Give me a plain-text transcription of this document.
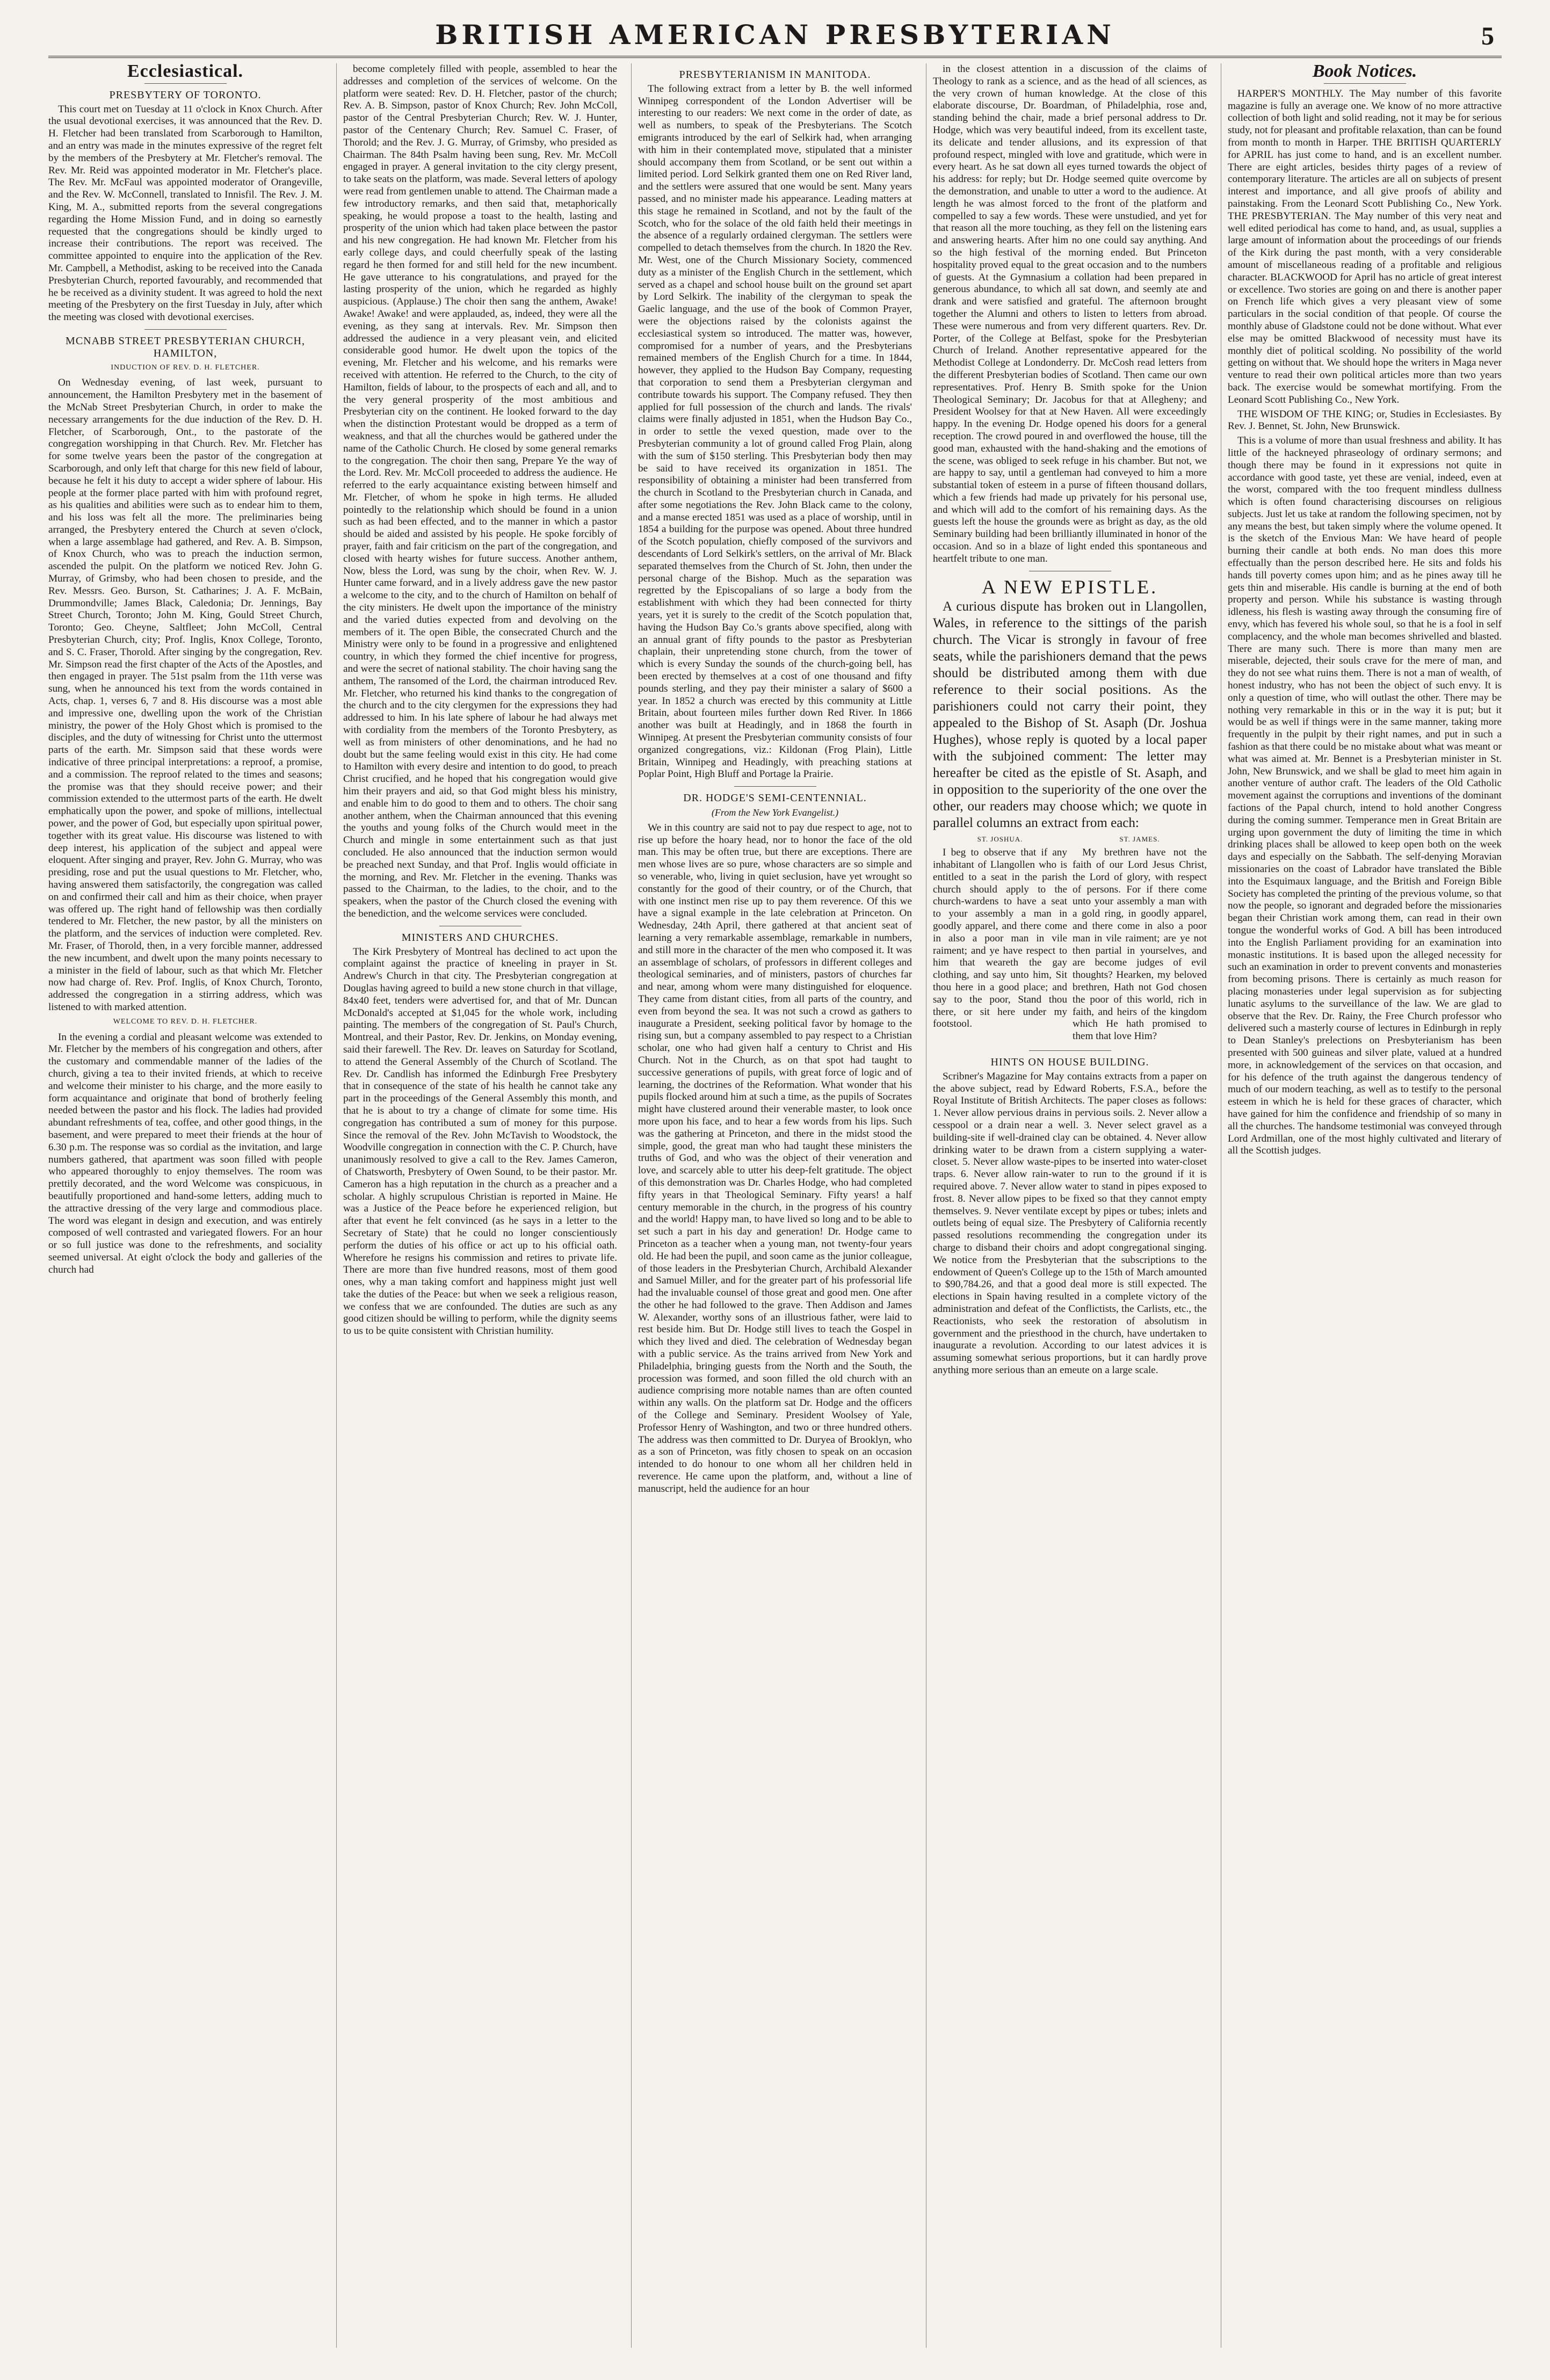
BRITISH AMERICAN PRESBYTERIAN	5
Ecclesiastical.
PRESBYTERY OF TORONTO.

This court met on Tuesday at 11 o'clock in Knox Church. After the usual devotional exercises, it was announced that the Rev. D. H. Fletcher had been translated from Scarborough to Hamilton, and an entry was made in the minutes expressive of the regret felt by the members of the Presbytery at Mr. Fletcher's removal. The Rev. Mr. Reid was appointed moderator in Mr. Fletcher's place. The Rev. Mr. McFaul was appointed moderator of Orangeville, and the Rev. W. McConnell, translated to Innisfil. The Rev. J. M. King, M. A., submitted reports from the several congregations regarding the Home Mission Fund, and in doing so earnestly requested that the congregations should be kindly urged to increase their contributions. The report was received. The committee appointed to enquire into the application of the Rev. Mr. Campbell, a Methodist, asking to be received into the Canada Presbyterian Church, reported favourably, and recommended that he be received as a divinity student. It was agreed to hold the next meeting of the Presbytery on the first Tuesday in July, after which the meeting was closed with devotional exercises.

MCNABB STREET PRESBYTERIAN CHURCH, HAMILTON,
INDUCTION OF REV. D. H. FLETCHER.

On Wednesday evening, of last week, pursuant to announcement, the Hamilton Presbytery met in the basement of the McNab Street Presbyterian Church, in order to make the necessary arrangements for the due induction of the Rev. D. H. Fletcher, of Scarborough, Ont., to the pastorate of the congregation worshipping in that Church. Rev. Mr. Fletcher has for some twelve years been the pastor of the congregation at Scarborough, and only left that charge for this new field of labour, because he felt it his duty to accept a wider sphere of labour. His people at the former place parted with him with profound regret, as his qualities and abilities were such as to endear him to them, and his loss was felt all the more. The preliminaries being arranged, the Presbytery entered the Church at seven o'clock, when a large assemblage had gathered, and Rev. A. B. Simpson, of Knox Church, who was to preach the induction sermon, ascended the pulpit. On the platform we noticed Rev. John G. Murray, of Grimsby, who had been chosen to preside, and the Rev. Messrs. Geo. Burson, St. Catharines; J. A. F. McBain, Drummondville; James Black, Caledonia; Dr. Jennings, Bay Street Church, Toronto; John M. King, Gould Street Church, Toronto; Geo. Cheyne, Saltfleet; John McColl, Central Presbyterian Church, city; Prof. Inglis, Knox College, Toronto, and S. C. Fraser, Thorold. After singing by the congregation, Rev. Mr. Simpson read the first chapter of the Acts of the Apostles, and then engaged in prayer. The 51st psalm from the 11th verse was sung, when he announced his text from the words contained in Acts, chap. 1, verses 6, 7 and 8. His discourse was a most able and impressive one, dwelling upon the work of the Christian ministry, the power of the Holy Ghost which is promised to the disciples, and the duty of witnessing for Christ unto the uttermost parts of the earth. Mr. Simpson said that these words were indicative of three principal interpretations: a reproof, a promise, and a commission. The reproof related to the times and seasons; the promise was that they should receive power; and their commission extended to the uttermost parts of the earth. He dwelt emphatically upon the power, and spoke of millions, intellectual power, and the power of God, but especially upon spiritual power, together with its great value. His discourse was listened to with deep interest, his application of the subject and appeal were eloquent. After singing and prayer, Rev. John G. Murray, who was presiding, rose and put the usual questions to Mr. Fletcher, who, having answered them satisfactorily, the congregation was called on and confirmed their call and him as their choice, when prayer was offered up. The right hand of fellowship was then cordially tendered to Mr. Fletcher, the new pastor, by all the ministers on the platform, and the services of induction were completed. Rev. Mr. Fraser, of Thorold, then, in a very forcible manner, addressed the new incumbent, and dwelt upon the many points necessary to a minister in the field of labour, such as that which Mr. Fletcher now had charge of. Rev. Prof. Inglis, of Knox Church, Toronto, addressed the congregation in a stirring address, which was listened to with marked attention.

WELCOME TO REV. D. H. FLETCHER.

In the evening a cordial and pleasant welcome was extended to Mr. Fletcher by the members of his congregation and others, after the customary and commendable manner of the ladies of the church, giving a tea to their invited friends, at which to receive and welcome their minister to his charge, and the more easily to form acquaintance and originate that bond of brotherly feeling needed between the pastor and his flock. The ladies had provided abundant refreshments of tea, coffee, and other good things, in the basement, and were prepared to meet their friends at the hour of 6.30 p.m. The response was so cordial as the invitation, and large numbers gathered, that apartment was soon filled with people who appeared thoroughly to enjoy themselves. The room was prettily decorated, and the word Welcome was conspicuous, in beautifully proportioned and hand-some letters, adding much to the attractive dressing of the very large and commodious place. The word was elegant in design and execution, and was entirely composed of well contrasted and variegated flowers. For an hour or so full justice was done to the refreshments, and sociality seemed universal. At eight o'clock the body and galleries of the church had

become completely filled with people, assembled to hear the addresses and completion of the services of welcome. On the platform were seated: Rev. D. H. Fletcher, pastor of the church; Rev. A. B. Simpson, pastor of Knox Church; Rev. John McColl, pastor of the Central Presbyterian Church; Rev. W. J. Hunter, pastor of the Centenary Church; Rev. Samuel C. Fraser, of Thorold; and the Rev. J. G. Murray, of Grimsby, who presided as Chairman. The 84th Psalm having been sung, Rev. Mr. McColl engaged in prayer. A general invitation to the city clergy present, to take seats on the platform, was made. Several letters of apology were read from gentlemen unable to attend. The Chairman made a few introductory remarks, and then said that, metaphorically speaking, he would propose a toast to the health, lasting and prosperity of the union which had taken place between the pastor and his new congregation. He had known Mr. Fletcher from his early college days, and could cheerfully speak of the lasting regard he then formed for and still held for the new incumbent. He gave utterance to his congratulations, and prayed for the lasting prosperity of the union, which he regarded as highly auspicious. (Applause.) The choir then sang the anthem, Awake! Awake! Awake! and were applauded, as, indeed, they were all the evening, as they sang at intervals. Rev. Mr. Simpson then addressed the audience in a very pleasant vein, and elicited considerable good humor. He dwelt upon the topics of the evening, Mr. Fletcher and his welcome, and his remarks were received with attention. He referred to the Church, to the city of Hamilton, fields of labour, to the prospects of each and all, and to the very general prosperity of the most ambitious and Presbyterian city on the continent. He looked forward to the day when the distinction Protestant would be dropped as a term of weakness, and that all the churches would be gathered under the name of the Catholic Church. He closed by some general remarks to the congregation. The choir then sang, Prepare Ye the way of the Lord. Rev. Mr. McColl proceeded to address the audience. He referred to the early acquaintance existing between himself and Mr. Fletcher, of whom he spoke in high terms. He alluded pointedly to the relationship which should be found in a union such as had been effected, and to the manner in which a pastor should be aided and assisted by his people. He spoke forcibly of prayer, faith and fair criticism on the part of the congregation, and closed with hearty wishes for future success. Another anthem, Now, bless the Lord, was sung by the choir, when Rev. W. J. Hunter came forward, and in a lively address gave the new pastor a welcome to the city, and to the church of Hamilton on behalf of the city ministers. He dwelt upon the importance of the ministry and the varied duties expected from and devolving on the members of it. The open Bible, the consecrated Church and the Ministry were only to be found in a progressive and enlightened country, in which they formed the chief incentive for progress, and were the secret of national stability. The choir having sang the anthem, The ransomed of the Lord, the chairman introduced Rev. Mr. Fletcher, who returned his kind thanks to the congregation of the church and to the city clergymen for the expressions they had addressed to him. In his late sphere of labour he had always met with cordiality from the members of the Toronto Presbytery, as well as from ministers of other denominations, and he had no doubt but the same feeling would exist in this city. He had come to Hamilton with every desire and intention to do good, to preach Christ crucified, and he hoped that his congregation would give him their prayers and aid, so that God might bless his ministry, and enable him to do good to them and to others. The choir sang another anthem, when the Chairman announced that this evening the youths and young folks of the Church would meet in the Church and mingle in some entertainment such as that just concluded. He also announced that the induction sermon would be preached next Sunday, and that Prof. Inglis would officiate in the morning, and Rev. Mr. Fletcher in the evening. Thanks was passed to the Chairman, to the ladies, to the choir, and to the speakers, when the pastor of the Church closed the evening with the benediction, and the welcome services were concluded.

MINISTERS AND CHURCHES.

The Kirk Presbytery of Montreal has declined to act upon the complaint against the practice of kneeling in prayer in St. Andrew's Church in that city. The Presbyterian congregation at Douglas having agreed to build a new stone church in that village, 84x40 feet, tenders were advertised for, and that of Mr. Duncan McDonald's accepted at $1,045 for the whole work, including painting. The members of the congregation of St. Paul's Church, Montreal, and their Pastor, Rev. Dr. Jenkins, on Monday evening, said their farewell. The Rev. Dr. leaves on Saturday for Scotland, to attend the General Assembly of the Church of Scotland. The Rev. Dr. Candlish has informed the Edinburgh Free Presbytery that in consequence of the state of his health he cannot take any part in the proceedings of the General Assembly this month, and that he is about to try a change of climate for some time. His congregation has contributed a sum of money for this purpose. Since the removal of the Rev. John McTavish to Woodstock, the Woodville congregation in connection with the C. P. Church, have unanimously resolved to give a call to the Rev. James Cameron, of Chatsworth, Presbytery of Owen Sound, to be their pastor. Mr. Cameron has a high reputation in the church as a preacher and a scholar. A highly scrupulous Christian is reported in Maine. He was a Justice of the Peace before he experienced religion, but after that event he felt convinced (as he says in a letter to the Secretary of State) that he could no longer conscientiously perform the duties of his office or act up to his official oath. Wherefore he resigns his commission and retires to private life. There are more than five hundred reasons, most of them good ones, why a man taking comfort and happiness might just well take the duties of the Peace: but when we seek a religious reason, we confess that we are confounded. The duties are such as any good citizen should be willing to perform, while the dignity seems to us to be quite consistent with Christian humility.

PRESBYTERIANISM IN MANITODA.

The following extract from a letter by B. the well informed Winnipeg correspondent of the London Advertiser will be interesting to our readers: We next come in the order of date, as well as numbers, to speak of the Presbyterians. The Scotch emigrants introduced by the earl of Selkirk had, when arranging with him in their contemplated move, stipulated that a minister should accompany them from Scotland, or be sent out within a limited period. Lord Selkirk granted them one on Red River land, and the settlers were assured that one would be sent. Many years passed, and no minister made his appearance. Leading matters at this stage he remained in Scotland, and not by the fault of the Scotch, who for the solace of the old faith held their meetings in the absence of a regularly ordained clergyman. The settlers were compelled to detach themselves from the church. In 1820 the Rev. Mr. West, one of the Church Missionary Society, commenced duty as a minister of the English Church in the settlement, which served as a chapel and school house built on the ground set apart by Lord Selkirk. The inability of the clergyman to speak the Gaelic language, and the use of the book of Common Prayer, were the objections raised by the colonists against the ecclesiastical system so introduced. The matter was, however, compromised for a number of years, and the Presbyterians remained members of the English Church for a time. In 1844, however, they applied to the Hudson Bay Company, requesting that corporation to send them a Presbyterian clergyman and contribute towards his support. The Company refused. They then applied for full possession of the church and lands. The rivals' claims were finally adjusted in 1851, when the Hudson Bay Co., in order to settle the vexed question, made over to the Presbyterian community a lot of ground called Frog Plain, along with the sum of $150 sterling. This Presbyterian body then may be said to have received its organization in 1851. The responsibility of obtaining a minister had been transferred from the church in Scotland to the Presbyterian church in Canada, and after some negotiations the Rev. John Black came to the colony, and a manse erected 1851 was used as a place of worship, until in 1854 a building for the purpose was opened. About three hundred of the Scotch population, chiefly composed of the survivors and descendants of Lord Selkirk's settlers, on the arrival of Mr. Black separated themselves from the Church of St. John, then under the personal charge of the Bishop. Much as the separation was regretted by the Episcopalians of so large a body from the establishment with which they had been connected for thirty years, yet it is surely to the credit of the Scotch population that, having the Hudson Bay Co.'s grants above specified, along with an annual grant of fifty pounds to the pastor as Presbyterian chaplain, their unpretending stone church, from the tower of which is every Sunday the sounds of the church-going bell, has been erected by themselves at a cost of one thousand and fifty pounds sterling, and they pay their minister a salary of $600 a year. In 1852 a church was erected by this community at Little Britain, about fourteen miles further down Red River. In 1866 another was built at Headingly, and in 1868 the fourth in Winnipeg. At present the Presbyterian community consists of four organized congregations, viz.: Kildonan (Frog Plain), Little Britain, Winnipeg and Headingly, with preaching stations at Poplar Point, High Bluff and Portage la Prairie.

DR. HODGE'S SEMI-CENTENNIAL.
(From the New York Evangelist.)

We in this country are said not to pay due respect to age, not to rise up before the hoary head, nor to honor the face of the old man. This may be often true, but there are exceptions. There are men whose lives are so pure, whose characters are so simple and so venerable, who, living in quiet seclusion, have yet wrought so constantly for the good of their country, or of the Church, that with one instinct men rise up to pay them reverence. Of this we have a signal example in the late celebration at Princeton. On Wednesday, 24th April, there gathered at that ancient seat of learning a very remarkable assemblage, remarkable in numbers, and still more in the character of the men who composed it. It was an assemblage of scholars, of professors in different colleges and theological seminaries, and of ministers, pastors of churches far and near, among whom were many distinguished for eloquence. They came from distant cities, from all parts of the country, and even from beyond the sea. It was not such a crowd as gathers to inaugurate a President, seeking political favor by homage to the rising sun, but a company assembled to pay respect to a Christian scholar, one who had given half a century to Christ and His Church. Not in the Church, as on that spot had taught to successive generations of pupils, with great force of logic and of learning, the doctrines of the Reformation. What wonder that his pupils flocked around him at such a time, as the pupils of Socrates might have clustered around their venerable master, to look once more upon his face, and to hear a few words from his lips. Such was the gathering at Princeton, and there in the midst stood the simple, good, the great man who had taught these ministers the truths of God, and who was the object of their veneration and love, and scarcely able to utter his deep-felt gratitude. The object of this demonstration was Dr. Charles Hodge, who had completed fifty years in that Theological Seminary. Fifty years! a half century memorable in the church, in the progress of his country and the world! Happy man, to have lived so long and to be able to set such a part in his day and generation! Dr. Hodge came to Princeton as a teacher when a young man, not twenty-four years old. He had been the pupil, and soon came as the junior colleague, of those leaders in the Presbyterian Church, Archibald Alexander and Samuel Miller, and for the greater part of his professorial life had the invaluable counsel of those great and good men. One after the other he had followed to the grave. Then Addison and James W. Alexander, worthy sons of an illustrious father, were laid to rest beside him. But Dr. Hodge still lives to teach the Gospel in which they lived and died. The celebration of Wednesday began with a public service. As the trains arrived from New York and Philadelphia, bringing guests from the North and the South, the procession was formed, and soon filled the old church with an audience comprising more notable names than are often counted within any walls. On the platform sat Dr. Hodge and the officers of the College and Seminary. President Woolsey of Yale, Professor Henry of Washington, and two or three hundred others. The address was then committed to Dr. Duryea of Brooklyn, who as a son of Princeton, was fitly chosen to speak on an occasion intended to do honour to one whom all her children held in reverence. He came upon the platform, and, without a line of manuscript, held the audience for an hour

in the closest attention in a discussion of the claims of Theology to rank as a science, and as the head of all sciences, as the very crown of human knowledge. At the close of this elaborate discourse, Dr. Boardman, of Philadelphia, rose and, standing behind the chair, made a brief personal address to Dr. Hodge, which was very beautiful indeed, from its excellent taste, its delicate and tender allusions, and its expression of that profound respect, mingled with love and gratitude, which were in every heart. As he sat down all eyes turned towards the object of his address: for reply; but Dr. Hodge seemed quite overcome by the demonstration, and unable to utter a word to the audience. At length he was almost forced to the front of the platform and compelled to say a few words. These were unstudied, and yet for that reason all the more touching, as they fell on the listening ears and answering hearts. After him no one could say anything. And so the high festival of the morning ended. But Princeton hospitality proved equal to the great occasion and to the numbers of guests. At the Gymnasium a collation had been prepared in generous abundance, to which all sat down, and seemly ate and drank and were satisfied and grateful. The afternoon brought together the Alumni and others to listen to letters from abroad. These were numerous and from very different quarters. Rev. Dr. Porter, of the College at Belfast, spoke for the Presbyterian Church of Ireland. Another representative appeared for the Methodist College at Londonderry. Dr. McCosh read letters from the different Presbyterian bodies of Scotland. Then came our own representatives. Prof. Henry B. Smith spoke for the Union Theological Seminary; Dr. Jacobus for that at Allegheny; and President Woolsey for that at New Haven. All were exceedingly happy. In the evening Dr. Hodge opened his doors for a general reception. The crowd poured in and overflowed the house, till the good man, exhausted with the hand-shaking and the emotions of the scene, was obliged to seek refuge in his chamber. But not, we are happy to say, until a gentleman had conveyed to him a more substantial token of esteem in a purse of fifteen thousand dollars, which a few friends had made up privately for his personal use, and which will add to the comfort of his remaining days. As the guests left the house the grounds were as bright as day, as the old Seminary building had been brilliantly illuminated in honor of the occasion. And so in a blaze of light ended this spontaneous and heartfelt tribute to one man.

A NEW EPISTLE.

A curious dispute has broken out in Llangollen, Wales, in reference to the sittings of the parish church. The Vicar is strongly in favour of free seats, while the parishioners demand that the pews should be distributed among them with due reference to their social positions. As the parishioners could not carry their point, they appealed to the Bishop of St. Asaph (Dr. Joshua Hughes), whose reply is quoted by a local paper with the subjoined comment: The letter may hereafter be cited as the epistle of St. Asaph, and in opposition to the superiority of the one over the other, our readers may choose which; we quote in parallel columns an extract from each:

ST. JOSHUA.

I beg to observe that if any inhabitant of Llangollen who is entitled to a seat in the parish church should apply to the church-wardens to have a seat to your assembly a man in goodly apparel, and there come in also a poor man in vile raiment; and ye have respect to him that weareth the gay clothing, and say unto him, Sit thou here in a good place; and say to the poor, Stand thou there, or sit here under my footstool.

ST. JAMES.

My brethren have not the faith of our Lord Jesus Christ, the Lord of glory, with respect of persons. For if there come unto your assembly a man with a gold ring, in goodly apparel, and there come in also a poor man in vile raiment; are ye not then partial in yourselves, and are become judges of evil thoughts? Hearken, my beloved brethren, Hath not God chosen the poor of this world, rich in faith, and heirs of the kingdom which He hath promised to them that love Him?

HINTS ON HOUSE BUILDING.

Scribner's Magazine for May contains extracts from a paper on the above subject, read by Edward Roberts, F.S.A., before the Royal Institute of British Architects. The paper closes as follows: 1. Never allow pervious drains in pervious soils. 2. Never allow a cesspool or a drain near a well. 3. Never select gravel as a building-site if well-drained clay can be obtained. 4. Never allow drinking water to be drawn from a cistern supplying a water-closet. 5. Never allow waste-pipes to be inserted into water-closet traps. 6. Never allow rain-water to run to the ground if it is required above. 7. Never allow water to stand in pipes exposed to frost. 8. Never allow pipes to be fixed so that they cannot empty themselves. 9. Never ventilate except by pipes or tubes; inlets and outlets being of equal size. The Presbytery of California recently passed resolutions recommending the congregation under its charge to disband their choirs and adopt congregational singing. We notice from the Presbyterian that the subscriptions to the endowment of Queen's College up to the 15th of March amounted to $90,784.26, and that a good deal more is still expected. The elections in Spain having resulted in a complete victory of the administration and defeat of the Conflictists, the Carlists, etc., the Reactionists, who seek the restoration of absolutism in government and the priesthood in the church, have undertaken to inaugurate a revolution. According to our latest advices it is assuming somewhat serious proportions, but it can hardly prove anything more serious than an emeute on a large scale.

Book Notices.

HARPER'S MONTHLY. The May number of this favorite magazine is fully an average one. We know of no more attractive collection of both light and solid reading, not it may be for serious study, not for pleasant and profitable relaxation, than can be found from month to month in Harper. THE BRITISH QUARTERLY for APRIL has just come to hand, and is an excellent number. There are eight articles, besides thirty pages of a review of contemporary literature. The articles are all on subjects of present interest and importance, and all give proofs of ability and painstaking. From the Leonard Scott Publishing Co., New York. THE PRESBYTERIAN. The May number of this very neat and well edited periodical has come to hand, and, as usual, supplies a large amount of information about the proceedings of our friends of the Kirk during the past month, with a very considerable amount of miscellaneous reading of a profitable and religious character. BLACKWOOD for April has no article of great interest or excellence. Two stories are going on and there is another paper on French life which gives a very pleasant view of some particulars in the social condition of that people. Of course the monthly abuse of Gladstone could not be done without. What ever else may be omitted Blackwood of necessity must have its monthly diet of political scolding. No possibility of the world getting on without that. We should hope the writers in Maga never venture to read their own political articles more than two years back. The exercise would be somewhat mortifying. From the Leonard Scott Publishing Co., New York.

THE WISDOM OF THE KING; or, Studies in Ecclesiastes. By Rev. J. Bennet, St. John, New Brunswick.

This is a volume of more than usual freshness and ability. It has little of the hackneyed phraseology of ordinary sermons; and though there may be found in it expressions not quite in accordance with good taste, yet these are venial, indeed, even at the worst, compared with the too frequent mindless dullness which is often found characterising discourses on religious subjects. Just let us take at random the following specimen, not by any means the best, but taken simply where the volume opened. It is the sketch of the Envious Man: We have heard of people burning their candle at both ends. No man does this more effectually than the person described here. He sits and folds his hands till poverty comes upon him; and as he pines away till he gets thin and miserable. His candle is burning at the end of both property and person. While his substance is wasting through idleness, his flesh is wasting away through the consuming fire of envy, which has fevered his whole soul, so that he is a fool in self complacency, and the whole man becomes shrivelled and blasted. There are many such. There is more than many men are miserable, dejected, their souls crave for the mere of man, and they do not see what ruins them. There is not a man of wealth, of honest industry, who has not been the object of such envy. It is only a question of time, who will outlast the other. There may be nothing very remarkable in this or in the way it is put; but it would be as well if things were in the same manner, taking more frequently in the pulpit by their right names, and put in such a fashion as that there could be no mistake about what was meant or what was aimed at. Mr. Bennet is a Presbyterian minister in St. John, New Brunswick, and we shall be glad to meet him again in another venture of author craft. The leaders of the Old Catholic movement against the corruptions and inventions of the dominant factions of the Papal church, intend to hold another Congress during the coming summer. Temperance men in Great Britain are urging upon government the duty of limiting the time in which drinking places shall be allowed to keep open both on the week days and especially on the Sabbath. The self-denying Moravian missionaries on the coast of Labrador have translated the Bible into the Esquimaux language, and the British and Foreign Bible Society has completed the printing of the previous volume, so that now the people, so ignorant and degraded before the missionaries began their Christian work among them, can read in their own tongue the wonderful works of God. A bill has been introduced into the English Parliament providing for an examination into monastic institutions. It is based upon the alleged necessity for such an examination in order to prevent convents and monasteries from becoming prisons. There is certainly as much reason for placing monasteries under legal supervision as for subjecting lunatic asylums to the surveillance of the law. We are glad to observe that the Rev. Dr. Rainy, the Free Church professor who delivered such a masterly course of lectures in Edinburgh in reply to Dean Stanley's prelections on Presbyterianism has been presented with 500 guineas and silver plate, valued at a hundred more, in acknowledgement of the services on that occasion, and for his defence of the truth against the dangerous tendency of much of our modern teaching, as well as to testify to the personal esteem in which he is held for these graces of character, which have gained for him the confidence and friendship of so many in all the churches. The handsome testimonial was conveyed through Lord Ardmillan, one of the most highly cultivated and literary of all the Scottish judges.
